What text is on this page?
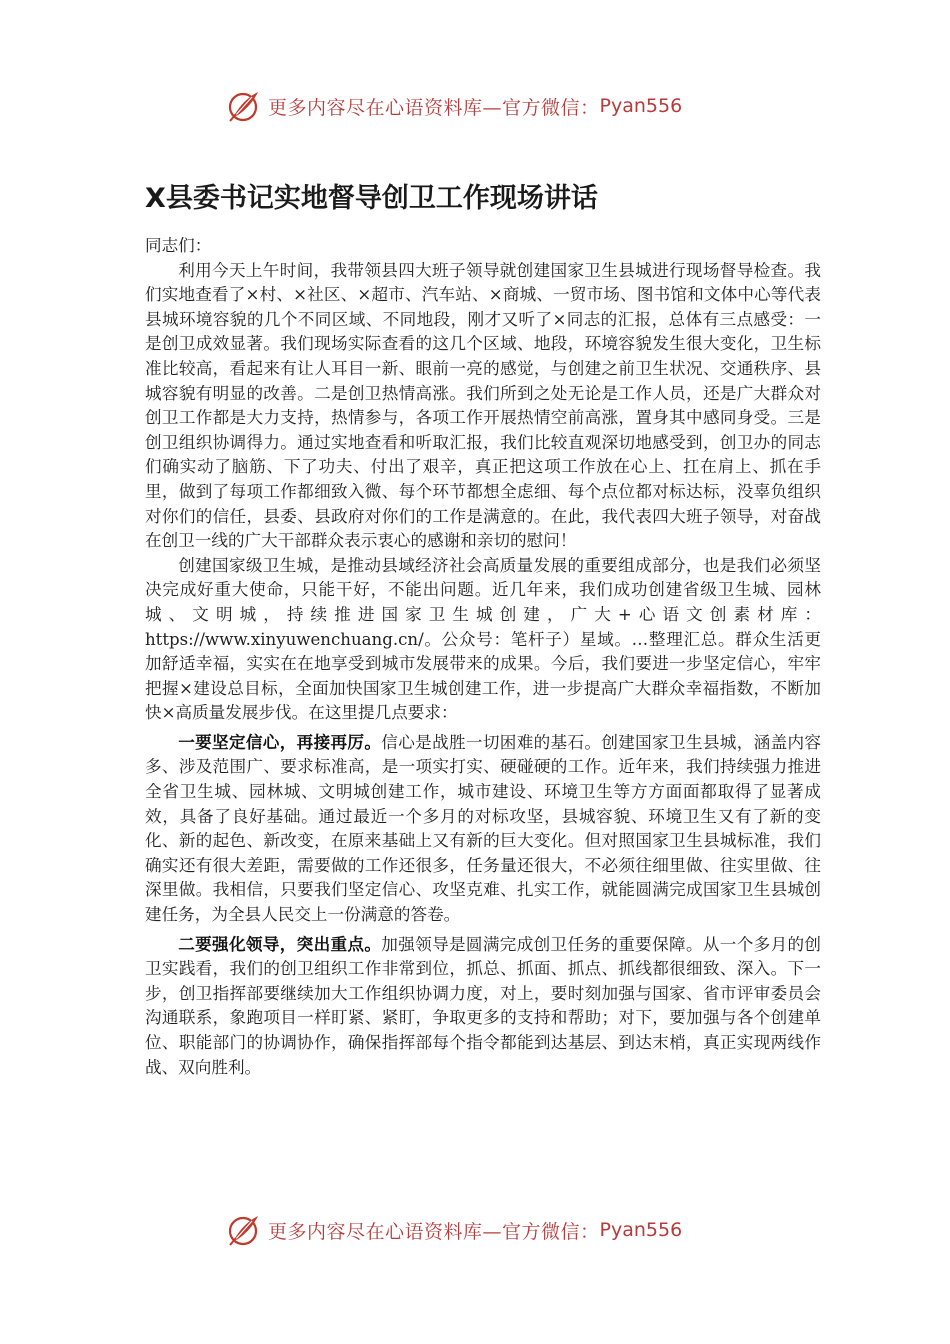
更多内容尽在心语资料库—官方微信： Pyan556
X县委书记实地督导创卫工作现场讲话

同志们：

利用今天上午时间，我带领县四大班子领导就创建国家卫生县城进行现场督导检查。我们实地查看了×村、×社区、×超市、汽车站、×商城、一贸市场、图书馆和文体中心等代表县城环境容貌的几个不同区域、不同地段，刚才又听了×同志的汇报，总体有三点感受：一是创卫成效显著。我们现场实际查看的这几个区域、地段，环境容貌发生很大变化，卫生标准比较高，看起来有让人耳目一新、眼前一亮的感觉，与创建之前卫生状况、交通秩序、县城容貌有明显的改善。二是创卫热情高涨。我们所到之处无论是工作人员，还是广大群众对创卫工作都是大力支持，热情参与，各项工作开展热情空前高涨，置身其中感同身受。三是创卫组织协调得力。通过实地查看和听取汇报，我们比较直观深切地感受到，创卫办的同志们确实动了脑筋、下了功夫、付出了艰辛，真正把这项工作放在心上、扛在肩上、抓在手里，做到了每项工作都细致入微、每个环节都想全虑细、每个点位都对标达标，没辜负组织对你们的信任，县委、县政府对你们的工作是满意的。在此，我代表四大班子领导，对奋战在创卫一线的广大干部群众表示衷心的感谢和亲切的慰问！

创建国家级卫生城，是推动县域经济社会高质量发展的重要组成部分，也是我们必须坚决完成好重大使命，只能干好，不能出问题。近几年来，我们成功创建省级卫生城、园林城、文明城，持续推进国家卫生城创建，广大+心语文创素材库：https://www.xinyuwenchuang.cn/。公众号：笔杆子）星域。…整理汇总。群众生活更加舒适幸福，实实在在地享受到城市发展带来的成果。今后，我们要进一步坚定信心，牢牢把握×建设总目标，全面加快国家卫生城创建工作，进一步提高广大群众幸福指数，不断加快×高质量发展步伐。在这里提几点要求：

一要坚定信心，再接再厉。信心是战胜一切困难的基石。创建国家卫生县城，涵盖内容多、涉及范围广、要求标准高，是一项实打实、硬碰硬的工作。近年来，我们持续强力推进全省卫生城、园林城、文明城创建工作，城市建设、环境卫生等方方面面都取得了显著成效，具备了良好基础。通过最近一个多月的对标攻坚，县城容貌、环境卫生又有了新的变化、新的起色、新改变，在原来基础上又有新的巨大变化。但对照国家卫生县城标准，我们确实还有很大差距，需要做的工作还很多，任务量还很大，不必须往细里做、往实里做、往深里做。我相信，只要我们坚定信心、攻坚克难、扎实工作，就能圆满完成国家卫生县城创建任务，为全县人民交上一份满意的答卷。

二要强化领导，突出重点。加强领导是圆满完成创卫任务的重要保障。从一个多月的创卫实践看，我们的创卫组织工作非常到位，抓总、抓面、抓点、抓线都很细致、深入。下一步，创卫指挥部要继续加大工作组织协调力度，对上，要时刻加强与国家、省市评审委员会沟通联系，象跑项目一样盯紧、紧盯，争取更多的支持和帮助；对下，要加强与各个创建单位、职能部门的协调协作，确保指挥部每个指令都能到达基层、到达末梢，真正实现两线作战、双向胜利。

更多内容尽在心语资料库—官方微信： Pyan556
